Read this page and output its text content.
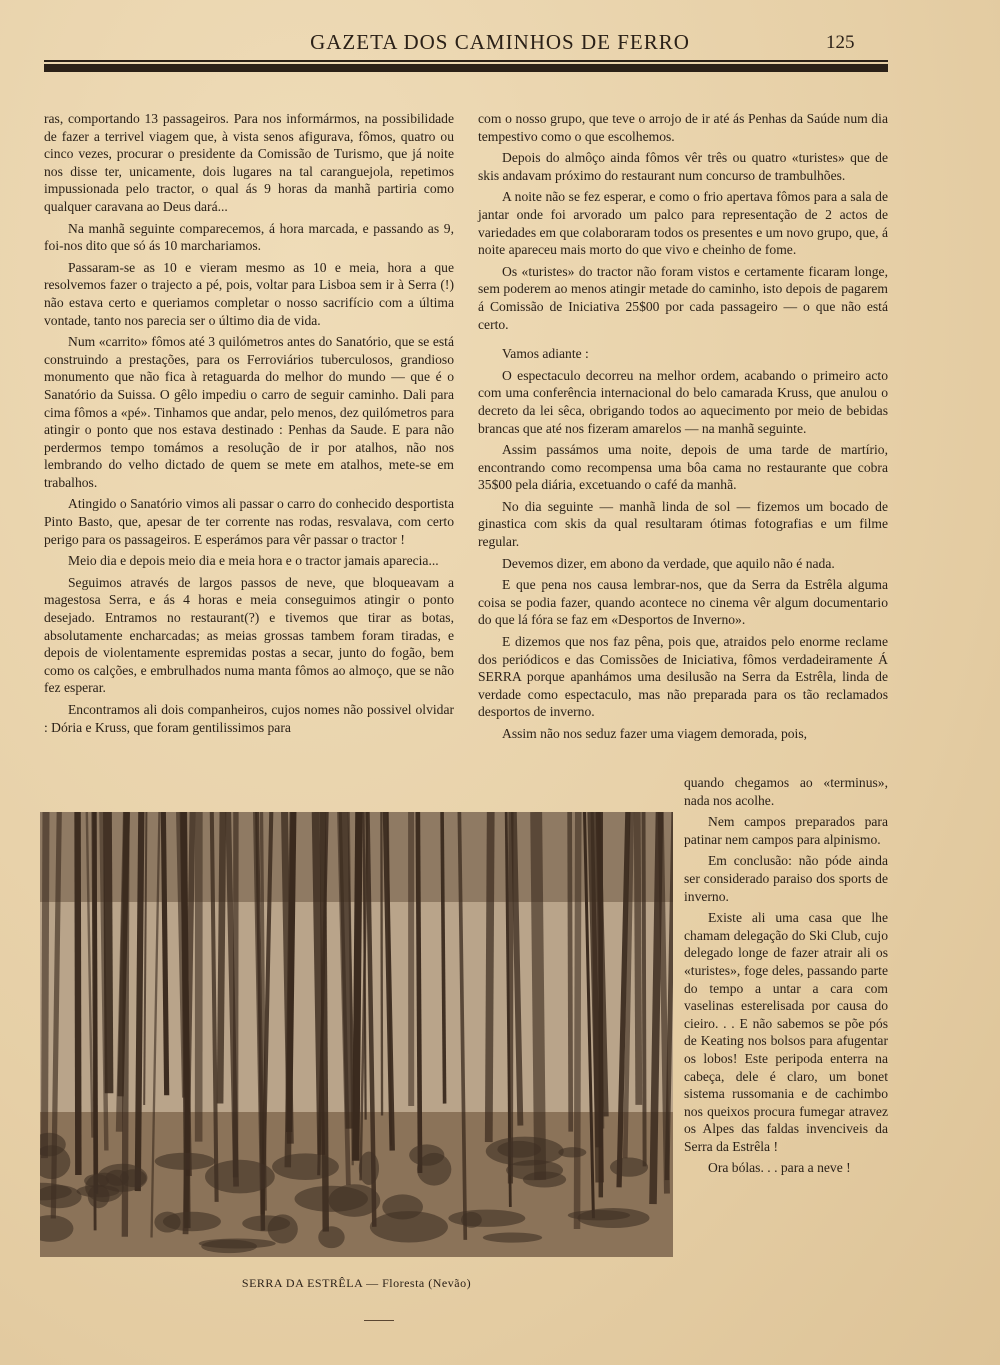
GAZETA DOS CAMINHOS DE FERRO	125

ras, comportando 13 passageiros. Para nos informármos, na possibilidade de fazer a terrivel viagem que, à vista senos afigurava, fômos, quatro ou cinco vezes, procurar o presidente da Comissão de Turismo, que já noite nos disse ter, unicamente, dois lugares na tal caranguejola, repetimos impussionada pelo tractor, o qual ás 9 horas da manhã partiria como qualquer caravana ao Deus dará...

Na manhã seguinte comparecemos, á hora marcada, e passando as 9, foi-nos dito que só ás 10 marchariamos.

Passaram-se as 10 e vieram mesmo as 10 e meia, hora a que resolvemos fazer o trajecto a pé, pois, voltar para Lisboa sem ir à Serra (!) não estava certo e queriamos completar o nosso sacrifício com a última vontade, tanto nos parecia ser o último dia de vida.

Num «carrito» fômos até 3 quilómetros antes do Sanatório, que se está construindo a prestações, para os Ferroviários tuberculosos, grandioso monumento que não fica à retaguarda do melhor do mundo — que é o Sanatório da Suissa. O gêlo impediu o carro de seguir caminho. Dali para cima fômos a «pé». Tinhamos que andar, pelo menos, dez quilómetros para atingir o ponto que nos estava destinado : Penhas da Saude. E para não perdermos tempo tomámos a resolução de ir por atalhos, não nos lembrando do velho dictado de quem se mete em atalhos, mete-se em trabalhos.

Atingido o Sanatório vimos ali passar o carro do conhecido desportista Pinto Basto, que, apesar de ter corrente nas rodas, resvalava, com certo perigo para os passageiros. E esperámos para vêr passar o tractor !

Meio dia e depois meio dia e meia hora e o tractor jamais aparecia...

Seguimos através de largos passos de neve, que bloqueavam a magestosa Serra, e ás 4 horas e meia conseguimos atingir o ponto desejado. Entramos no restaurant(?) e tivemos que tirar as botas, absolutamente encharcadas; as meias grossas tambem foram tiradas, e depois de violentamente espremidas postas a secar, junto do fogão, bem como os calções, e embrulhados numa manta fômos ao almoço, que se não fez esperar.

Encontramos ali dois companheiros, cujos nomes não possivel olvidar : Dória e Kruss, que foram gentilissimos para

com o nosso grupo, que teve o arrojo de ir até ás Penhas da Saúde num dia tempestivo como o que escolhemos.

Depois do almôço ainda fômos vêr três ou quatro «turistes» que de skis andavam próximo do restaurant num concurso de trambulhões.

A noite não se fez esperar, e como o frio apertava fômos para a sala de jantar onde foi arvorado um palco para representação de 2 actos de variedades em que colaboraram todos os presentes e um novo grupo, que, á noite apareceu mais morto do que vivo e cheinho de fome.

Os «turistes» do tractor não foram vistos e certamente ficaram longe, sem poderem ao menos atingir metade do caminho, isto depois de pagarem á Comissão de Iniciativa 25$00 por cada passageiro — o que não está certo.

Vamos adiante :

O espectaculo decorreu na melhor ordem, acabando o primeiro acto com uma conferência internacional do belo camarada Kruss, que anulou o decreto da lei sêca, obrigando todos ao aquecimento por meio de bebidas brancas que até nos fizeram amarelos — na manhã seguinte.

Assim passámos uma noite, depois de uma tarde de martírio, encontrando como recompensa uma bôa cama no restaurante que cobra 35$00 pela diária, excetuando o café da manhã.

No dia seguinte — manhã linda de sol — fizemos um bocado de ginastica com skis da qual resultaram ótimas fotografias e um filme regular.

Devemos dizer, em abono da verdade, que aquilo não é nada.

E que pena nos causa lembrar-nos, que da Serra da Estrêla alguma coisa se podia fazer, quando acontece no cinema vêr algum documentario do que lá fóra se faz em «Desportos de Inverno».

E dizemos que nos faz pêna, pois que, atraidos pelo enorme reclame dos periódicos e das Comissões de Iniciativa, fômos verdadeiramente Á SERRA porque apanhámos uma desilusão na Serra da Estrêla, linda de verdade como espectaculo, mas não preparada para os tão reclamados desportos de inverno.

Assim não nos seduz fazer uma viagem demorada, pois,

quando chegamos ao «terminus», nada nos acolhe.

Nem campos preparados para patinar nem campos para alpinismo.

Em conclusão: não póde ainda ser considerado paraiso dos sports de inverno.

Existe ali uma casa que lhe chamam delegação do Ski Club, cujo delegado longe de fazer atrair ali os «turistes», foge deles, passando parte do tempo a untar a cara com vaselinas esterelisada por causa do cieiro. . . E não sabemos se põe pós de Keating nos bolsos para afugentar os lobos! Este peripoda enterra na cabeça, dele é claro, um bonet sistema russomania e de cachimbo nos queixos procura fumegar atravez os Alpes das faldas invenciveis da Serra da Estrêla !

Ora bólas. . . para a neve !

SERRA DA ESTRÊLA — Floresta (Nevão)
